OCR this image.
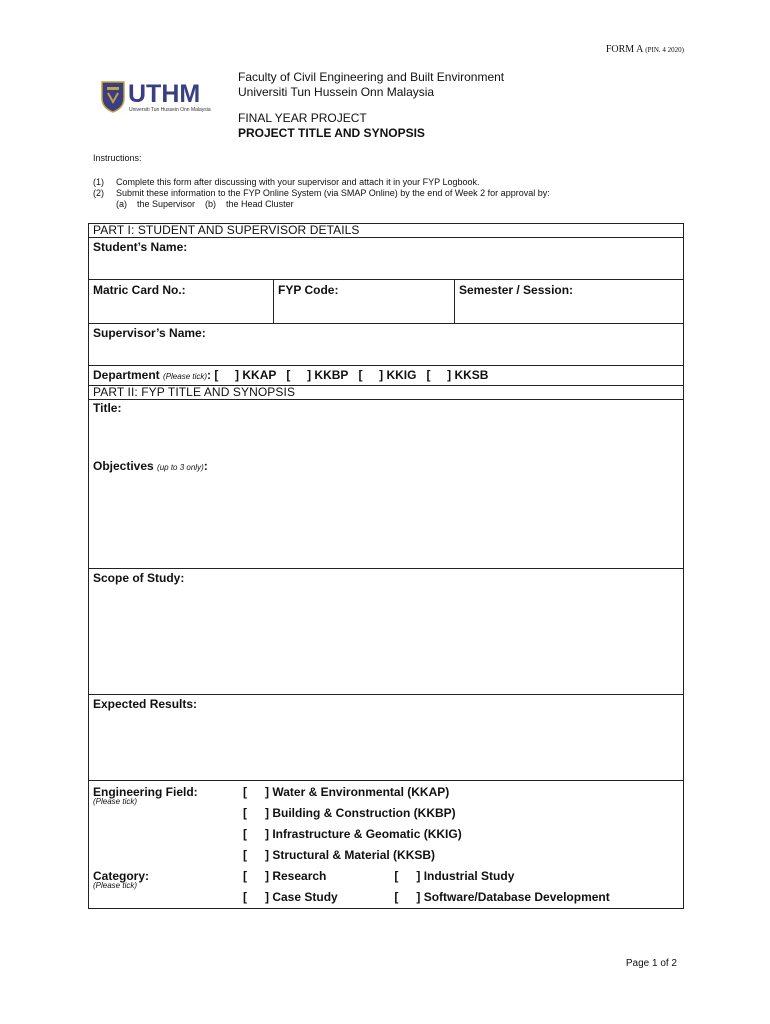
FORM A (PIN. 4 2020)
UTHM
Universiti Tun Hussein Onn Malaysia
Faculty of Civil Engineering and Built Environment
Universiti Tun Hussein Onn Malaysia
FINAL YEAR PROJECT
PROJECT TITLE AND SYNOPSIS
Instructions:
(1)	Complete this form after discussing with your supervisor and attach it in your FYP Logbook.
(2)	Submit these information to the FYP Online System (via SMAP Online) by the end of Week 2 for approval by:
(a)    the Supervisor    (b)    the Head Cluster
PART I: STUDENT AND SUPERVISOR DETAILS

Student’s Name:

Matric Card No.:	FYP Code:	Semester / Session:

Supervisor’s Name:

Department (Please tick): [     ] KKAP [     ] KKBP [     ] KKIG [     ] KKSB

PART II: FYP TITLE AND SYNOPSIS

Title:
Objectives (up to 3 only):

Scope of Study:

Expected Results:

Engineering Field:
(Please tick)
[ ] Water & Environmental (KKAP)
[ ] Building & Construction (KKBP)
[ ] Infrastructure & Geomatic (KKIG)
[ ] Structural & Material (KKSB)
Category:
(Please tick)
[ ] Research	[ ] Industrial Study
[ ] Case Study	[ ] Software/Database Development
Page 1 of 2
